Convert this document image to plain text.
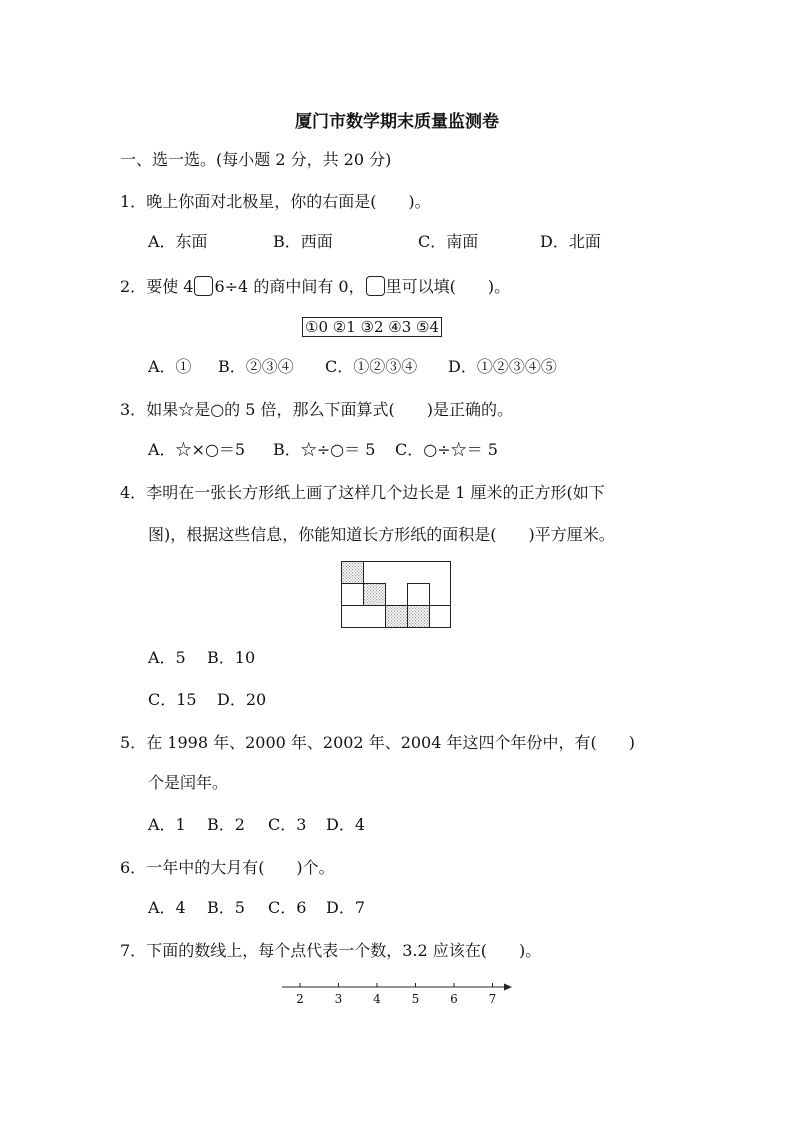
厦门市数学期末质量监测卷
一、选一选。(每小题 2 分，共 20 分)
1．晚上你面对北极星，你的右面是(　　)。
A．东面	B．西面	C．南面	D．北面
2．要使 4 6÷4 的商中间有 0， 里可以填(　　)。
①0 ②1 ③2 ④3 ⑤4
A．① B．②③④ C．①②③④ D．①②③④⑤
3．如果☆是○的 5 倍，那么下面算式(　　)是正确的。
A．☆×○＝5 B．☆÷○＝ 5 C．○÷☆＝ 5
4．李明在一张长方形纸上画了这样几个边长是 1 厘米的正方形(如下
图)，根据这些信息，你能知道长方形纸的面积是(　　)平方厘米。
A．5 B．10
C．15 D．20
5．在 1998 年、2000 年、2002 年、2004 年这四个年份中，有(　　)
个是闰年。
A．1 B．2 C．3 D．4
6．一年中的大月有(　　)个。
A．4 B．5 C．6 D．7
7．下面的数线上，每个点代表一个数，3.2 应该在(　　)。
2	3	4	5	6	7
